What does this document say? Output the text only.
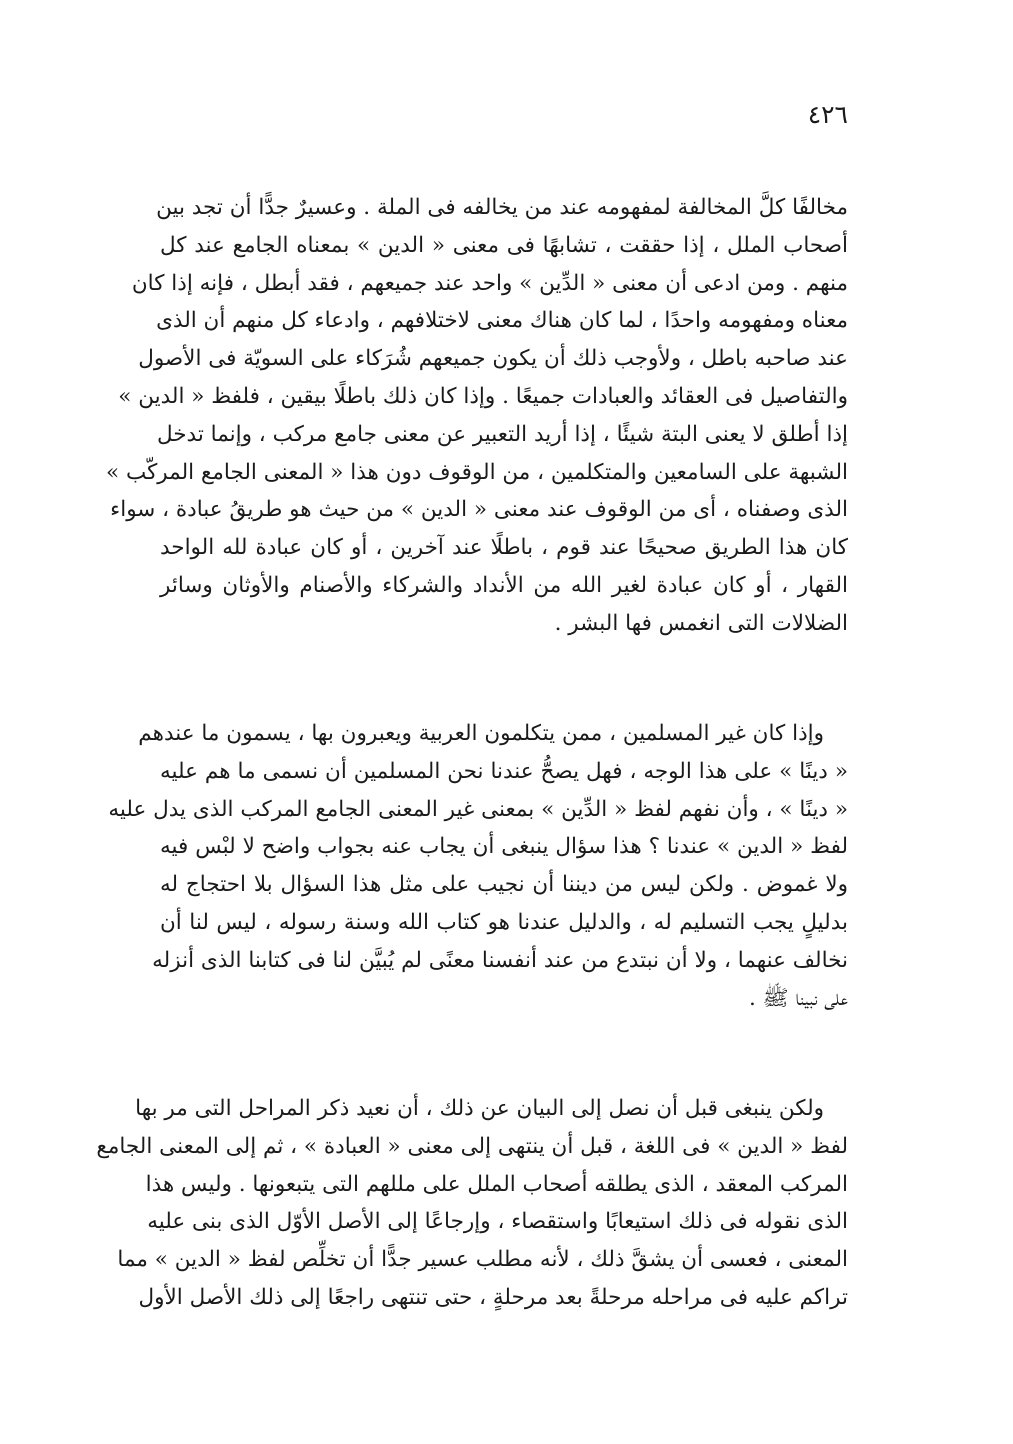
٤٢٦
مخالفًا كلَّ المخالفة لمفهومه عند من يخالفه فى الملة . وعسيرٌ جدًّا أن تجد بين
أصحاب الملل ، إذا حققت ، تشابهًا فى معنى « الدين » بمعناه الجامع عند كل
منهم . ومن ادعى أن معنى « الدِّين » واحد عند جميعهم ، فقد أبطل ، فإنه إذا كان
معناه ومفهومه واحدًا ، لما كان هناك معنى لاختلافهم ، وادعاء كل منهم أن الذى
عند صاحبه باطل ، ولأوجب ذلك أن يكون جميعهم شُرَكاء على السويّة فى الأصول
والتفاصيل فى العقائد والعبادات جميعًا . وإذا كان ذلك باطلًا بيقين ، فلفظ « الدين »
إذا أطلق لا يعنى البتة شيئًا ، إذا أريد التعبير عن معنى جامع مركب ، وإنما تدخل
الشبهة على السامعين والمتكلمين ، من الوقوف دون هذا « المعنى الجامع المركّب »
الذى وصفناه ، أى من الوقوف عند معنى « الدين » من حيث هو طريقُ عبادة ، سواء
كان هذا الطريق صحيحًا عند قوم ، باطلًا عند آخرين ، أو كان عبادة لله الواحد
القهار ، أو كان عبادة لغير الله من الأنداد والشركاء والأصنام والأوثان وسائر
الضلالات التى انغمس فها البشر .
وإذا كان غير المسلمين ، ممن يتكلمون العربية ويعبرون بها ، يسمون ما عندهم
« دينًا » على هذا الوجه ، فهل يصحُّ عندنا نحن المسلمين أن نسمى ما هم عليه
« دينًا » ، وأن نفهم لفظ « الدِّين » بمعنى غير المعنى الجامع المركب الذى يدل عليه
لفظ « الدين » عندنا ؟ هذا سؤال ينبغى أن يجاب عنه بجواب واضح لا لبْس فيه
ولا غموض . ولكن ليس من ديننا أن نجيب على مثل هذا السؤال بلا احتجاج له
بدليلٍ يجب التسليم له ، والدليل عندنا هو كتاب الله وسنة رسوله ، ليس لنا أن
نخالف عنهما ، ولا أن نبتدع من عند أنفسنا معنًى لم يُبيَّن لنا فى كتابنا الذى أنزله
على نبينا ﷺ .
ولكن ينبغى قبل أن نصل إلى البيان عن ذلك ، أن نعيد ذكر المراحل التى مر بها
لفظ « الدين » فى اللغة ، قبل أن ينتهى إلى معنى « العبادة » ، ثم إلى المعنى الجامع
المركب المعقد ، الذى يطلقه أصحاب الملل على مللهم التى يتبعونها . وليس هذا
الذى نقوله فى ذلك استيعابًا واستقصاء ، وإرجاعًا إلى الأصل الأوّل الذى بنى عليه
المعنى ، فعسى أن يشقَّ ذلك ، لأنه مطلب عسير جدًّا أن تخلِّص لفظ « الدين » مما
تراكم عليه فى مراحله مرحلةً بعد مرحلةٍ ، حتى تنتهى راجعًا إلى ذلك الأصل الأول
